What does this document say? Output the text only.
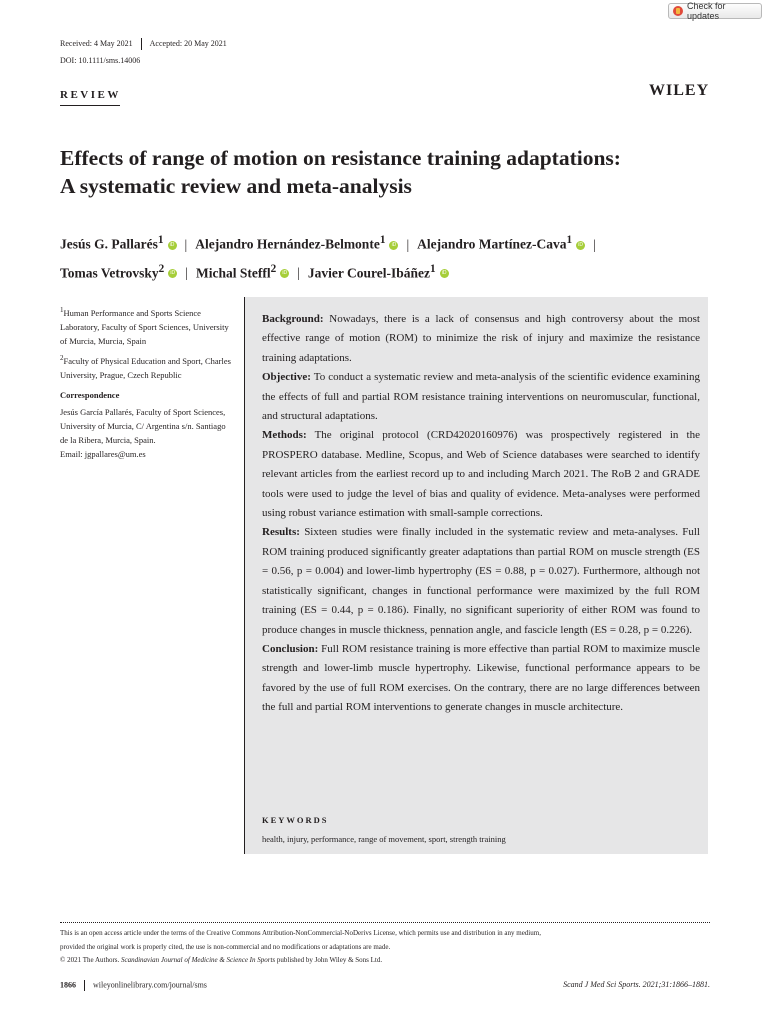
Check for updates
Received: 4 May 2021 Accepted: 20 May 2021
DOI: 10.1111/sms.14006
REVIEW	WILEY
Effects of range of motion on resistance training adaptations:
A systematic review and meta-analysis
Jesús G. Pallarés$^1$ iD | Alejandro Hernández-Belmonte$^1$ iD | Alejandro Martínez-Cava$^1$ iD |
Tomas Vetrovsky$^2$ iD | Michal Steffl$^2$ iD | Javier Courel-Ibáñez$^1$ iD

$^1$Human Performance and Sports Science Laboratory, Faculty of Sport Sciences, University of Murcia, Murcia, Spain

$^2$Faculty of Physical Education and Sport, Charles University, Prague, Czech Republic

Correspondence

Jesús García Pallarés, Faculty of Sport Sciences, University of Murcia, C/ Argentina s/n. Santiago de la Ribera, Murcia, Spain.

Email: jgpallares@um.es

Background: Nowadays, there is a lack of consensus and high controversy about the most effective range of motion (ROM) to minimize the risk of injury and maximize the resistance training adaptations.

Objective: To conduct a systematic review and meta-analysis of the scientific evidence examining the effects of full and partial ROM resistance training interventions on neuromuscular, functional, and structural adaptations.

Methods: The original protocol (CRD42020160976) was prospectively registered in the PROSPERO database. Medline, Scopus, and Web of Science databases were searched to identify relevant articles from the earliest record up to and including March 2021. The RoB 2 and GRADE tools were used to judge the level of bias and quality of evidence. Meta-analyses were performed using robust variance estimation with small-sample corrections.

Results: Sixteen studies were finally included in the systematic review and meta-analyses. Full ROM training produced significantly greater adaptations than partial ROM on muscle strength (ES = 0.56, p = 0.004) and lower-limb hypertrophy (ES = 0.88, p = 0.027). Furthermore, although not statistically significant, changes in functional performance were maximized by the full ROM training (ES = 0.44, p = 0.186). Finally, no significant superiority of either ROM was found to produce changes in muscle thickness, pennation angle, and fascicle length (ES = 0.28, p = 0.226).

Conclusion: Full ROM resistance training is more effective than partial ROM to maximize muscle strength and lower-limb muscle hypertrophy. Likewise, functional performance appears to be favored by the use of full ROM exercises. On the contrary, there are no large differences between the full and partial ROM interventions to generate changes in muscle architecture.

KEYWORDS
health, injury, performance, range of movement, sport, strength training

This is an open access article under the terms of the Creative Commons Attribution-NonCommercial-NoDerivs License, which permits use and distribution in any medium,

provided the original work is properly cited, the use is non-commercial and no modifications or adaptations are made.

© 2021 The Authors. Scandinavian Journal of Medicine & Science In Sports published by John Wiley & Sons Ltd.

1866 wileyonlinelibrary.com/journal/sms	Scand J Med Sci Sports. 2021;31:1866–1881.
